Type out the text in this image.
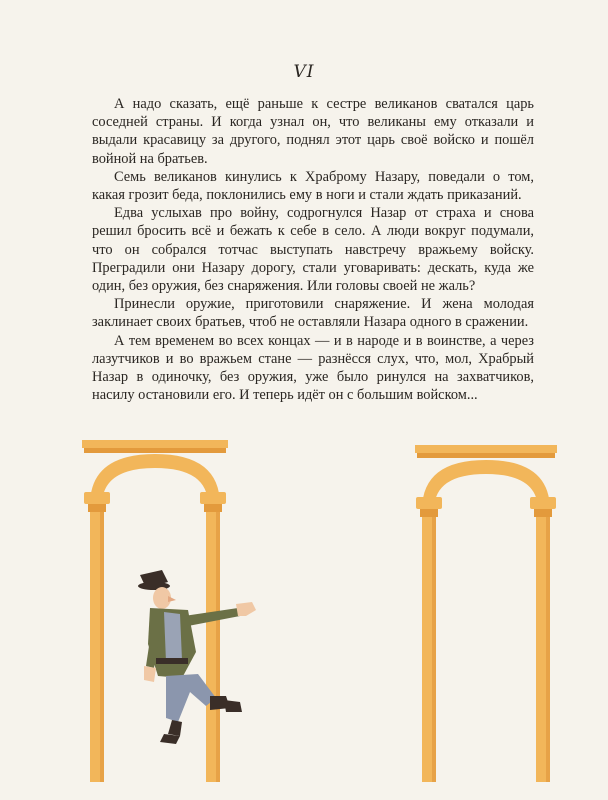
VI

А надо сказать, ещё раньше к сестре великанов сватался царь соседней страны. И когда узнал он, что великаны ему отказали и выдали красавицу за другого, поднял этот царь своё войско и пошёл войной на братьев.

Семь великанов кинулись к Храброму Назару, поведали о том, какая грозит беда, поклонились ему в ноги и стали ждать приказаний.

Едва услыхав про войну, содрогнулся Назар от страха и снова решил бросить всё и бежать к себе в село. А люди вокруг подумали, что он собрался тотчас выступать навстречу вражьему войску. Преградили они Назару дорогу, стали уговаривать: дескать, куда же один, без оружия, без снаряжения. Или головы своей не жаль?

Принесли оружие, приготовили снаряжение. И жена молодая заклинает своих братьев, чтоб не оставляли Назара одного в сражении.

А тем временем во всех концах — и в народе и в воинстве, а через лазутчиков и во вражьем стане — разнёсся слух, что, мол, Храбрый Назар в одиночку, без оружия, уже было ринулся на захватчиков, насилу остановили его. И теперь идёт он с большим войском...
